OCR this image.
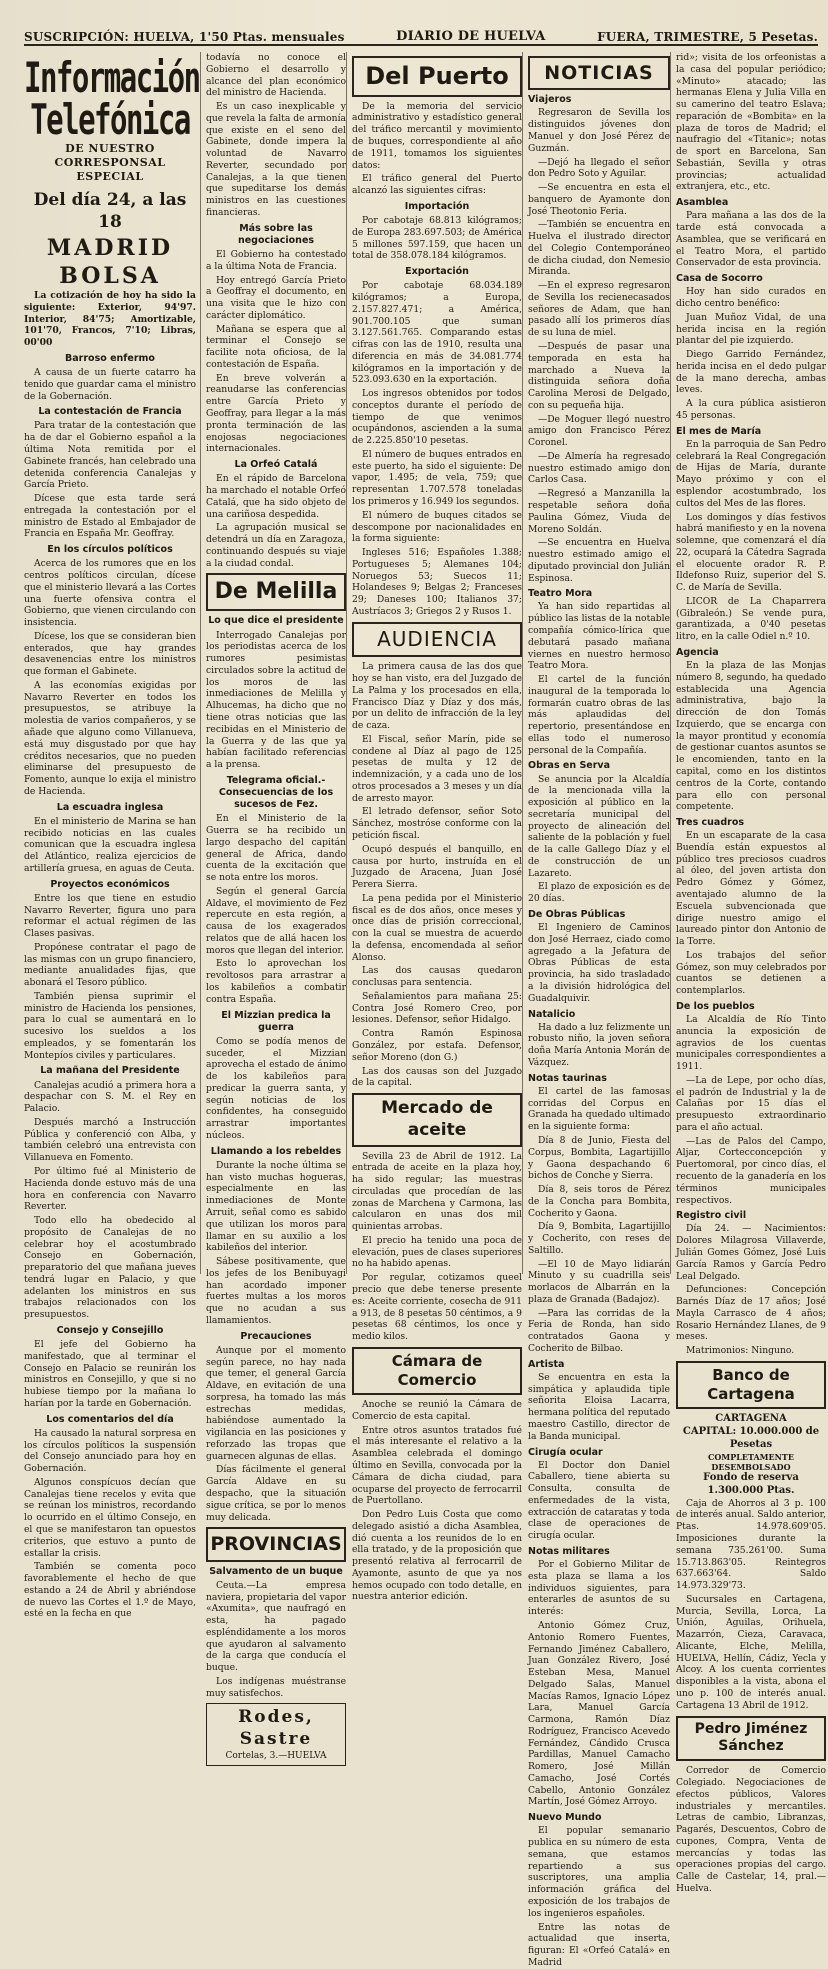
SUSCRIPCIÓN: HUELVA, 1'50 Ptas. mensuales	DIARIO DE HUELVA	FUERA, TRIMESTRE, 5 Pesetas.
Información Telefónica
DE NUESTRO CORRESPONSAL ESPECIAL
Del día 24, a las 18
MADRID
BOLSA

La cotización de hoy ha sido la siguiente: Exterior, 94'97. Interior, 84'75; Amortizable, 101'70, Francos, 7'10; Libras, 00'00

Barroso enfermo

A causa de un fuerte catarro ha tenido que guardar cama el ministro de la Gobernación.

La contestación de Francia

Para tratar de la contestación que ha de dar el Gobierno español a la última Nota remitida por el Gabinete francés, han celebrado una detenida conferencia Canalejas y García Prieto.

Dícese que esta tarde será entregada la contestación por el ministro de Estado al Embajador de Francia en España Mr. Geoffray.

En los círculos políticos

Acerca de los rumores que en los centros políticos circulan, dícese que el ministerio llevará a las Cortes una fuerte ofensiva contra el Gobierno, que vienen circulando con insistencia.

Dícese, los que se consideran bien enterados, que hay grandes desavenencias entre los ministros que forman el Gabinete.

A las economías exigidas por Navarro Reverter en todos los presupuestos, se atribuye la molestia de varios compañeros, y se añade que alguno como Villanueva, está muy disgustado por que hay créditos necesarios, que no pueden eliminarse del presupuesto de Fomento, aunque lo exija el ministro de Hacienda.

La escuadra inglesa

En el ministerio de Marina se han recibido noticias en las cuales comunican que la escuadra inglesa del Atlántico, realiza ejercicios de artillería gruesa, en aguas de Ceuta.

Proyectos económicos

Entre los que tiene en estudio Navarro Reverter, figura uno para reformar el actual régimen de las Clases pasivas.

Propónese contratar el pago de las mismas con un grupo financiero, mediante anualidades fijas, que abonará el Tesoro público.

También piensa suprimir el ministro de Hacienda los pensiones, para lo cual se aumentará en lo sucesivo los sueldos a los empleados, y se fomentarán los Montepíos civiles y particulares.

La mañana del Presidente

Canalejas acudió a primera hora a despachar con S. M. el Rey en Palacio.

Después marchó a Instrucción Pública y conferenció con Alba, y también celebró una entrevista con Villanueva en Fomento.

Por último fué al Ministerio de Hacienda donde estuvo más de una hora en conferencia con Navarro Reverter.

Todo ello ha obedecido al propósito de Canalejas de no celebrar hoy el acostumbrado Consejo en Gobernación, preparatorio del que mañana jueves tendrá lugar en Palacio, y que adelanten los ministros en sus trabajos relacionados con los presupuestos.

Consejo y Consejillo

El jefe del Gobierno ha manifestado, que al terminar el Consejo en Palacio se reunirán los ministros en Consejillo, y que si no hubiese tiempo por la mañana lo harían por la tarde en Gobernación.

Los comentarios del día

Ha causado la natural sorpresa en los círculos políticos la suspensión del Consejo anunciado para hoy en Gobernación.

Algunos conspícuos decían que Canalejas tiene recelos y evita que se reúnan los ministros, recordando lo ocurrido en el último Consejo, en el que se manifestaron tan opuestos criterios, que estuvo a punto de estallar la crisis.

También se comenta poco favorablemente el hecho de que estando a 24 de Abril y abriéndose de nuevo las Cortes el 1.º de Mayo, esté en la fecha en que

todavía no conoce el Gobierno el desarrollo y alcance del plan económico del ministro de Hacienda.

Es un caso inexplicable y que revela la falta de armonía que existe en el seno del Gabinete, donde impera la voluntad de Navarro Reverter, secundado por Canalejas, a la que tienen que supeditarse los demás ministros en las cuestiones financieras.

Más sobre las negociaciones

El Gobierno ha contestado a la última Nota de Francia.

Hoy entregó García Prieto a Geoffray el documento, en una visita que le hizo con carácter diplomático.

Mañana se espera que al terminar el Consejo se facilite nota oficiosa, de la contestación de España.

En breve volverán a reanudarse las conferencias entre García Prieto y Geoffray, para llegar a la más pronta terminación de las enojosas negociaciones internacionales.

La Orfeó Catalá

En el rápido de Barcelona ha marchado el notable Orfeó Catalá, que ha sido objeto de una cariñosa despedida.

La agrupación musical se detendrá un día en Zaragoza, continuando después su viaje a la ciudad condal.

De Melilla
Lo que dice el presidente

Interrogado Canalejas por los periodistas acerca de los rumores pesimistas circulados sobre la actitud de los moros de las inmediaciones de Melilla y Alhucemas, ha dicho que no tiene otras noticias que las recibidas en el Ministerio de la Guerra y de las que ya habían facilitado referencias a la prensa.

Telegrama oficial.-Consecuencias de los sucesos de Fez.

En el Ministerio de la Guerra se ha recibido un largo despacho del capitán general de Africa, dando cuenta de la excitación que se nota entre los moros.

Según el general García Aldave, el movimiento de Fez repercute en esta región, a causa de los exagerados relatos que de allá hacen los moros que llegan del interior.

Esto lo aprovechan los revoltosos para arrastrar a los kabileños a combatir contra España.

El Mizzian predica la guerra

Como se podía menos de suceder, el Mizzian aprovecha el estado de ánimo de los kabileños para predicar la guerra santa, y según noticias de los confidentes, ha conseguido arrastrar importantes núcleos.

Llamando a los rebeldes

Durante la noche última se han visto muchas hogueras, especialmente en las inmediaciones de Monte Arruit, señal como es sabido que utilizan los moros para llamar en su auxilio a los kabileños del interior.

Sábese positivamente, que los jefes de los Benibuyagi han acordado imponer fuertes multas a los moros que no acudan a sus llamamientos.

Precauciones

Aunque por el momento según parece, no hay nada que temer, el general García Aldave, en evitación de una sorpresa, ha tomado las más estrechas medidas, habiéndose aumentado la vigilancia en las posiciones y reforzado las tropas que guarnecen algunas de ellas.

Días fácilmente el general García Aldave en su despacho, que la situación sigue crítica, se por lo menos muy delicada.

PROVINCIAS
Salvamento de un buque

Ceuta.—La empresa naviera, propietaria del vapor «Axumita», que naufragó en esta, ha pagado espléndidamente a los moros que ayudaron al salvamento de la carga que conducía el buque.

Los indígenas muéstranse muy satisfechos.

Rodes, Sastre
Cortelas, 3.—HUELVA
Del Puerto

De la memoria del servicio administrativo y estadístico general del tráfico mercantil y movimiento de buques, correspondiente al año de 1911, tomamos los siguientes datos:

El tráfico general del Puerto alcanzó las siguientes cifras:

Importación

Por cabotaje 68.813 kilógramos; de Europa 283.697.503; de América 5 millones 597.159, que hacen un total de 358.078.184 kilógramos.

Exportación

Por cabotaje 68.034.189 kilógramos; a Europa, 2.157.827.471; a América, 901.700.105 que suman 3.127.561.765. Comparando estas cifras con las de 1910, resulta una diferencia en más de 34.081.774 kilógramos en la importación y de 523.093.630 en la exportación.

Los ingresos obtenidos por todos conceptos durante el período de tiempo de que venimos ocupándonos, ascienden a la suma de 2.225.850'10 pesetas.

El número de buques entrados en este puerto, ha sido el siguiente: De vapor, 1.495; de vela, 759; que representan 1.707.578 toneladas los primeros y 16.949 los segundos.

El número de buques citados se descompone por nacionalidades en la forma siguiente:

Ingleses 516; Españoles 1.388; Portugueses 5; Alemanes 104; Noruegos 53; Suecos 11; Holandeses 9; Belgas 2; Franceses 29; Daneses 100; Italianos 37; Austríacos 3; Griegos 2 y Rusos 1.

AUDIENCIA

La primera causa de las dos que hoy se han visto, era del Juzgado de La Palma y los procesados en ella, Francisco Díaz y Díaz y dos más, por un delito de infracción de la ley de caza.

El Fiscal, señor Marín, pide se condene al Díaz al pago de 125 pesetas de multa y 12 de indemnización, y a cada uno de los otros procesados a 3 meses y un día de arresto mayor.

El letrado defensor, señor Soto Sánchez, mostróse conforme con la petición fiscal.

Ocupó después el banquillo, en causa por hurto, instruída en el Juzgado de Aracena, Juan José Perera Sierra.

La pena pedida por el Ministerio fiscal es de dos años, once meses y once días de prisión correccional, con la cual se muestra de acuerdo la defensa, encomendada al señor Alonso.

Las dos causas quedaron conclusas para sentencia.

Señalamientos para mañana 25: Contra José Romero Creo, por lesiones. Defensor, señor Hidalgo.

Contra Ramón Espinosa González, por estafa. Defensor, señor Moreno (don G.)

Las dos causas son del Juzgado de la capital.

Mercado de aceite

Sevilla 23 de Abril de 1912. La entrada de aceite en la plaza hoy, ha sido regular; las muestras circuladas que procedían de las zonas de Marchena y Carmona, las calcularon en unas dos mil quinientas arrobas.

El precio ha tenido una poca de elevación, pues de clases superiores no ha habido apenas.

Por regular, cotizamos queel precio que debe tenerse presente es: Aceite corriente, cosecha de 911 a 913, de 8 pesetas 50 céntimos, a 9 pesetas 68 céntimos, los once y medio kilos.

Cámara de Comercio

Anoche se reunió la Cámara de Comercio de esta capital.

Entre otros asuntos tratados fué el más interesante el relativo a la Asamblea celebrada el domingo último en Sevilla, convocada por la Cámara de dicha ciudad, para ocuparse del proyecto de ferrocarril de Puertollano.

Don Pedro Luis Costa que como delegado asistió a dicha Asamblea, dió cuenta a los reunidos de lo en ella tratado, y de la proposición que presentó relativa al ferrocarril de Ayamonte, asunto de que ya nos hemos ocupado con todo detalle, en nuestra anterior edición.

NOTICIAS
Viajeros

Regresaron de Sevilla los distinguidos jóvenes don Manuel y don José Pérez de Guzmán.

—Dejó ha llegado el señor don Pedro Soto y Aguilar.

—Se encuentra en esta el banquero de Ayamonte don José Theotonio Feria.

—También se encuentra en Huelva el ilustrado director del Colegio Contemporáneo de dicha ciudad, don Nemesio Miranda.

—En el expreso regresaron de Sevilla los recienecasados señores de Adam, que han pasado allí los primeros días de su luna de miel.

—Después de pasar una temporada en esta ha marchado a Nueva la distinguida señora doña Carolina Merosi de Delgado, con su pequeña hija.

—De Moguer llegó nuestro amigo don Francisco Pérez Coronel.

—De Almería ha regresado nuestro estimado amigo don Carlos Casa.

—Regresó a Manzanilla la respetable señora doña Paulina Gómez, Viuda de Moreno Soldán.

—Se encuentra en Huelva nuestro estimado amigo el diputado provincial don Julián Espinosa.

Teatro Mora

Ya han sido repartidas al público las listas de la notable compañía cómico-lírica que debutará pasado mañana viernes en nuestro hermoso Teatro Mora.

El cartel de la función inaugural de la temporada lo formarán cuatro obras de las más aplaudidas del repertorio, presentándose en ellas todo el numeroso personal de la Compañía.

Obras en Serva

Se anuncia por la Alcaldía de la mencionada villa la exposición al público en la secretaría municipal del proyecto de alineación del saliente de la población y fuel de la calle Gallego Díaz y el de construcción de un Lazareto.

El plazo de exposición es de 20 días.

De Obras Públicas

El Ingeniero de Caminos don José Herraez, ciado como agregado a la Jefatura de Obras Públicas de esta provincia, ha sido trasladado a la división hidrológica del Guadalquivir.

Natalicio

Ha dado a luz felizmente un robusto niño, la joven señora doña María Antonia Morán de Vázquez.

Notas taurinas

El cartel de las famosas corridas del Corpus en Granada ha quedado ultimado en la siguiente forma:

Día 8 de Junio, Fiesta del Corpus, Bombita, Lagartijillo y Gaona despachando 6 bichos de Conche y Sierra.

Día 8, seis toros de Pérez de la Concha para Bombita, Cocherito y Gaona.

Día 9, Bombita, Lagartijillo y Cocherito, con reses de Saltillo.

—El 10 de Mayo lidiarán Minuto y su cuadrilla seis morlacos de Albarrán en la plaza de Granada (Badajoz).

—Para las corridas de la Feria de Ronda, han sido contratados Gaona y Cocherito de Bilbao.

Artista

Se encuentra en esta la simpática y aplaudida tiple señorita Eloisa Lacarra, hermana política del reputado maestro Castillo, director de la Banda municipal.

Cirugía ocular

El Doctor don Daniel Caballero, tiene abierta su Consulta, consulta de enfermedades de la vista, extracción de cataratas y toda clase de operaciones de cirugía ocular.

Notas militares

Por el Gobierno Militar de esta plaza se llama a los individuos siguientes, para enterarles de asuntos de su interés:

Antonio Gómez Cruz, Antonio Romero Fuentes, Fernando Jiménez Caballero, Juan González Rivero, José Esteban Mesa, Manuel Delgado Salas, Manuel Macías Ramos, Ignacio López Lara, Manuel García Carmona, Ramón Díaz Rodríguez, Francisco Acevedo Fernández, Cándido Crusca Pardillas, Manuel Camacho Romero, José Millán Camacho, José Cortés Cabello, Antonio González Martín, José Gómez Arroyo.

Nuevo Mundo

El popular semanario publica en su número de esta semana, que estamos repartiendo a sus suscriptores, una amplia información gráfica del exposición de los trabajos de los ingenieros españoles.

Entre las notas de actualidad que inserta, figuran: El «Orfeó Catalá» en Madrid

rid»; visita de los orfeonistas a la casa del popular periódico; «Minuto» atacado; las hermanas Elena y Julia Villa en su camerino del teatro Eslava; reparación de «Bombita» en la plaza de toros de Madrid; el naufragio del «Titanic»; notas de sport en Barcelona, San Sebastián, Sevilla y otras provincias; actualidad extranjera, etc., etc.

Asamblea

Para mañana a las dos de la tarde está convocada a Asamblea, que se verificará en el Teatro Mora, el partido Conservador de esta provincia.

Casa de Socorro

Hoy han sido curados en dicho centro benéfico:

Juan Muñoz Vidal, de una herida incisa en la región plantar del pie izquierdo.

Diego Garrido Fernández, herida incisa en el dedo pulgar de la mano derecha, ambas leves.

A la cura pública asistieron 45 personas.

El mes de María

En la parroquia de San Pedro celebrará la Real Congregación de Hijas de María, durante Mayo próximo y con el esplendor acostumbrado, los cultos del Mes de las flores.

Los domingos y días festivos habrá manifiesto y en la novena solemne, que comenzará el día 22, ocupará la Cátedra Sagrada el elocuente orador R. P. Ildefonso Ruiz, superior del S. C. de María de Sevilla.

LICOR de La Chaparrera (Gibraleón.) Se vende pura, garantizada, a 0'40 pesetas litro, en la calle Odiel n.º 10.

Agencia

En la plaza de las Monjas número 8, segundo, ha quedado establecida una Agencia administrativa, bajo la dirección de don Tomás Izquierdo, que se encarga con la mayor prontitud y economía de gestionar cuantos asuntos se le encomienden, tanto en la capital, como en los distintos centros de la Corte, contando para ello con personal competente.

Tres cuadros

En un escaparate de la casa Buendía están expuestos al público tres preciosos cuadros al óleo, del joven artista don Pedro Gómez y Gómez, aventajado alumno de la Escuela subvencionada que dirige nuestro amigo el laureado pintor don Antonio de la Torre.

Los trabajos del señor Gómez, son muy celebrados por cuantos se detienen a contemplarlos.

De los pueblos

La Alcaldía de Río Tinto anuncia la exposición de agravios de los cuentas municipales correspondientes a 1911.

—La de Lepe, por ocho días, el padrón de Industrial y la de Calañas por 15 días el presupuesto extraordinario para el año actual.

—Las de Palos del Campo, Aljar, Cortecconcepción y Puertomoral, por cinco días, el recuento de la ganadería en los términos municipales respectivos.

Registro civil

Día 24. — Nacimientos: Dolores Milagrosa Villaverde, Julián Gomes Gómez, José Luis García Ramos y García Pedro Leal Delgado.

Defunciones: Concepción Barnés Díaz de 17 años; José Mayla Carrasco de 4 años; Rosario Hernández Llanes, de 9 meses.

Matrimonios: Ninguno.

Banco de Cartagena
CARTAGENA
CAPITAL: 10.000.000 de Pesetas
COMPLETAMENTE DESEMBOLSADO
Fondo de reserva 1.300.000 Ptas.

Caja de Ahorros al 3 p. 100 de interés anual. Saldo anterior, Ptas. 14.978.609'05. Imposiciones durante la semana 735.261'00. Suma 15.713.863'05. Reintegros 637.663'64. Saldo 14.973.329'73.

Sucursales en Cartagena, Murcia, Sevilla, Lorca, La Unión, Aguilas, Orihuela, Mazarrón, Cieza, Caravaca, Alicante, Elche, Melilla, HUELVA, Hellín, Cádiz, Yecla y Alcoy. A los cuenta corrientes disponibles a la vista, abona el uno p. 100 de interés anual. Cartagena 13 Abril de 1912.

Pedro Jiménez Sánchez

Corredor de Comercio Colegiado. Negociaciones de efectos públicos, Valores industriales y mercantiles. Letras de cambio, Libranzas, Pagarés, Descuentos, Cobro de cupones, Compra, Venta de mercancías y todas las operaciones propias del cargo. Calle de Castelar, 14, pral.—Huelva.
